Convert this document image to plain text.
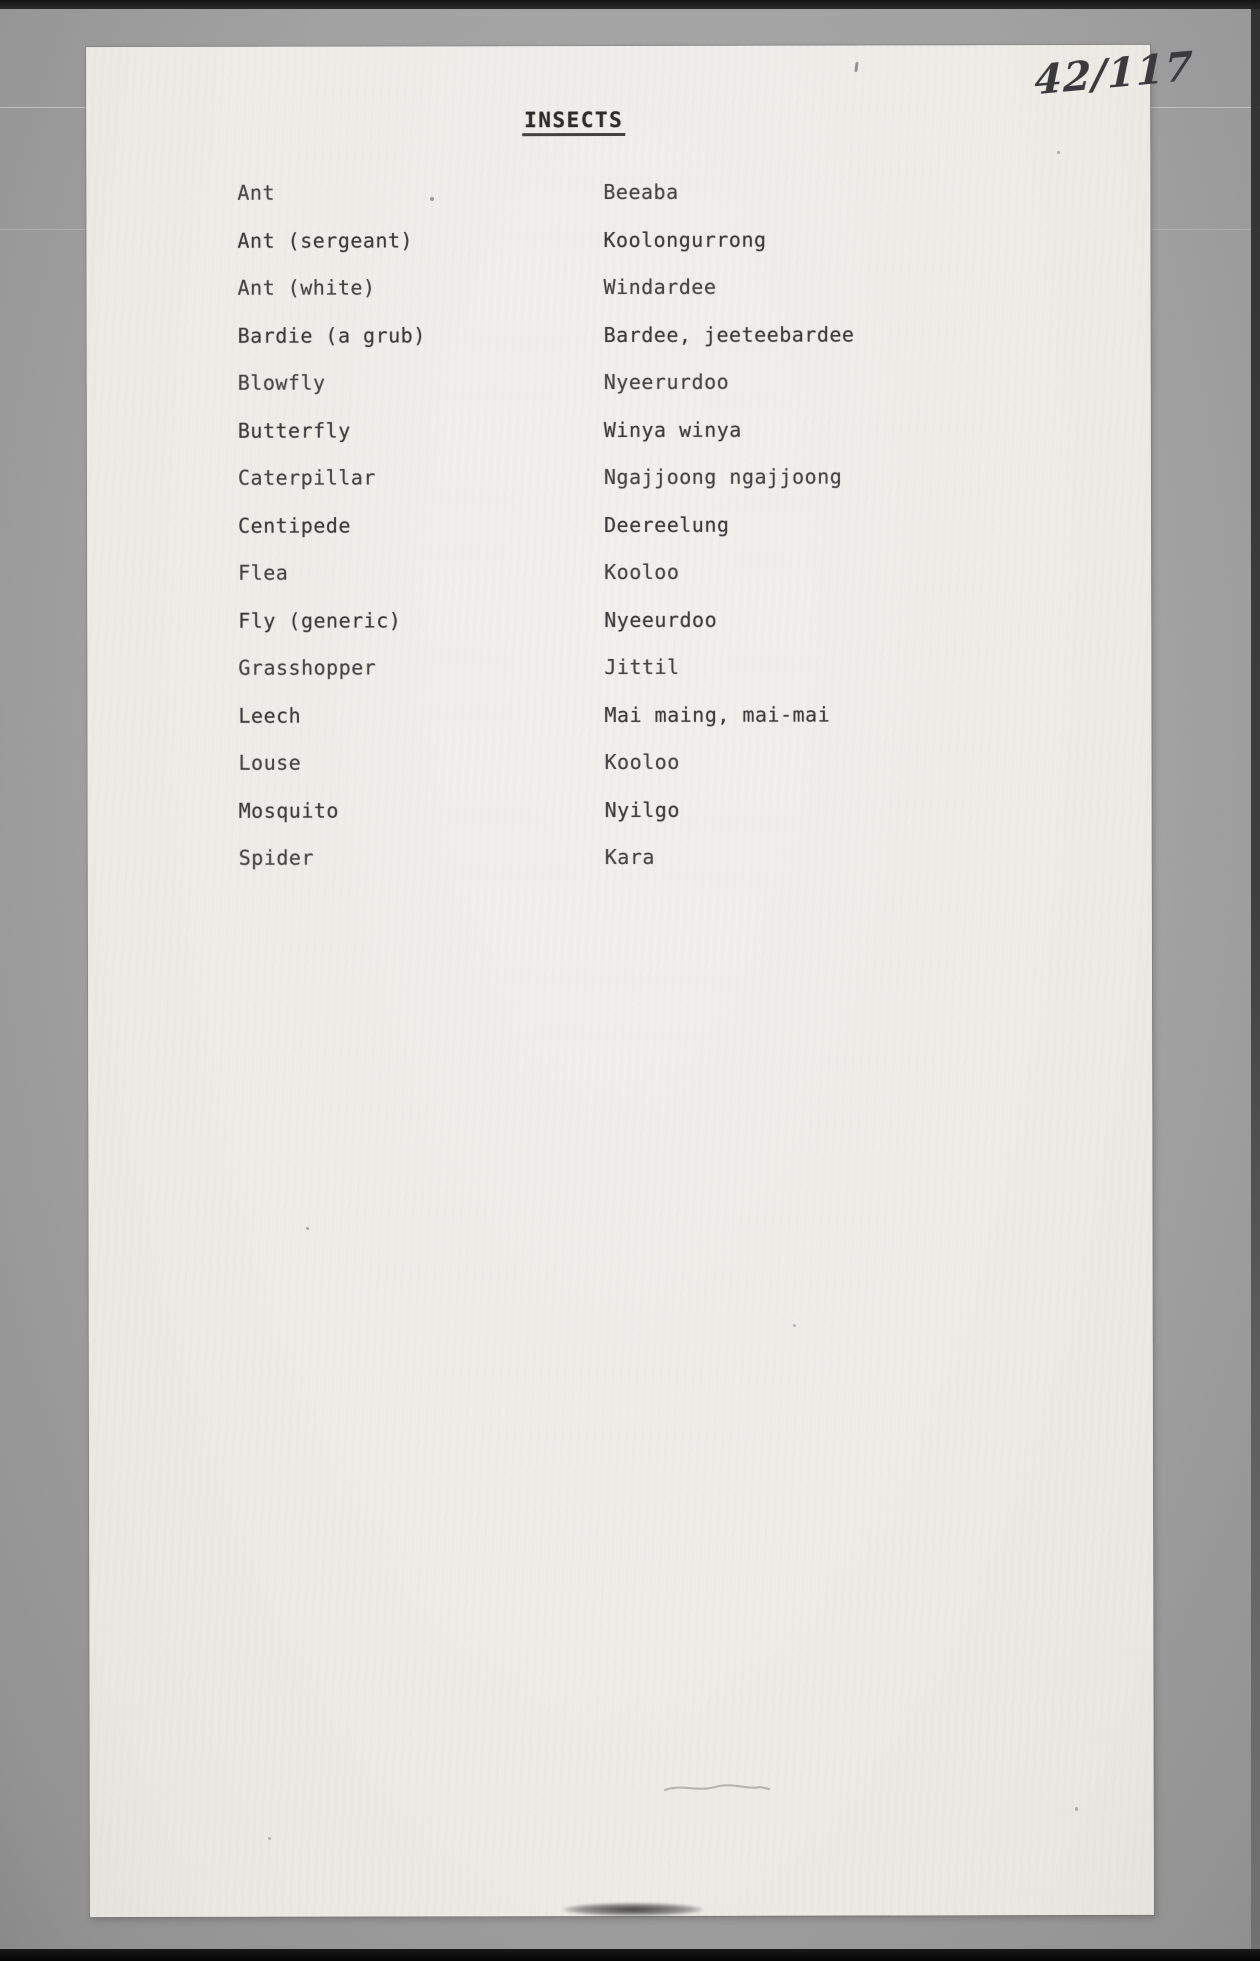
42/117
INSECTS
Ant	Beeaba
Ant (sergeant)	Koolongurrong
Ant (white)	Windardee
Bardie (a grub)	Bardee, jeeteebardee
Blowfly	Nyeerurdoo
Butterfly	Winya winya
Caterpillar	Ngajjoong ngajjoong
Centipede	Deereelung
Flea	Kooloo
Fly (generic)	Nyeeurdoo
Grasshopper	Jittil
Leech	Mai maing, mai-mai
Louse	Kooloo
Mosquito	Nyilgo
Spider	Kara
